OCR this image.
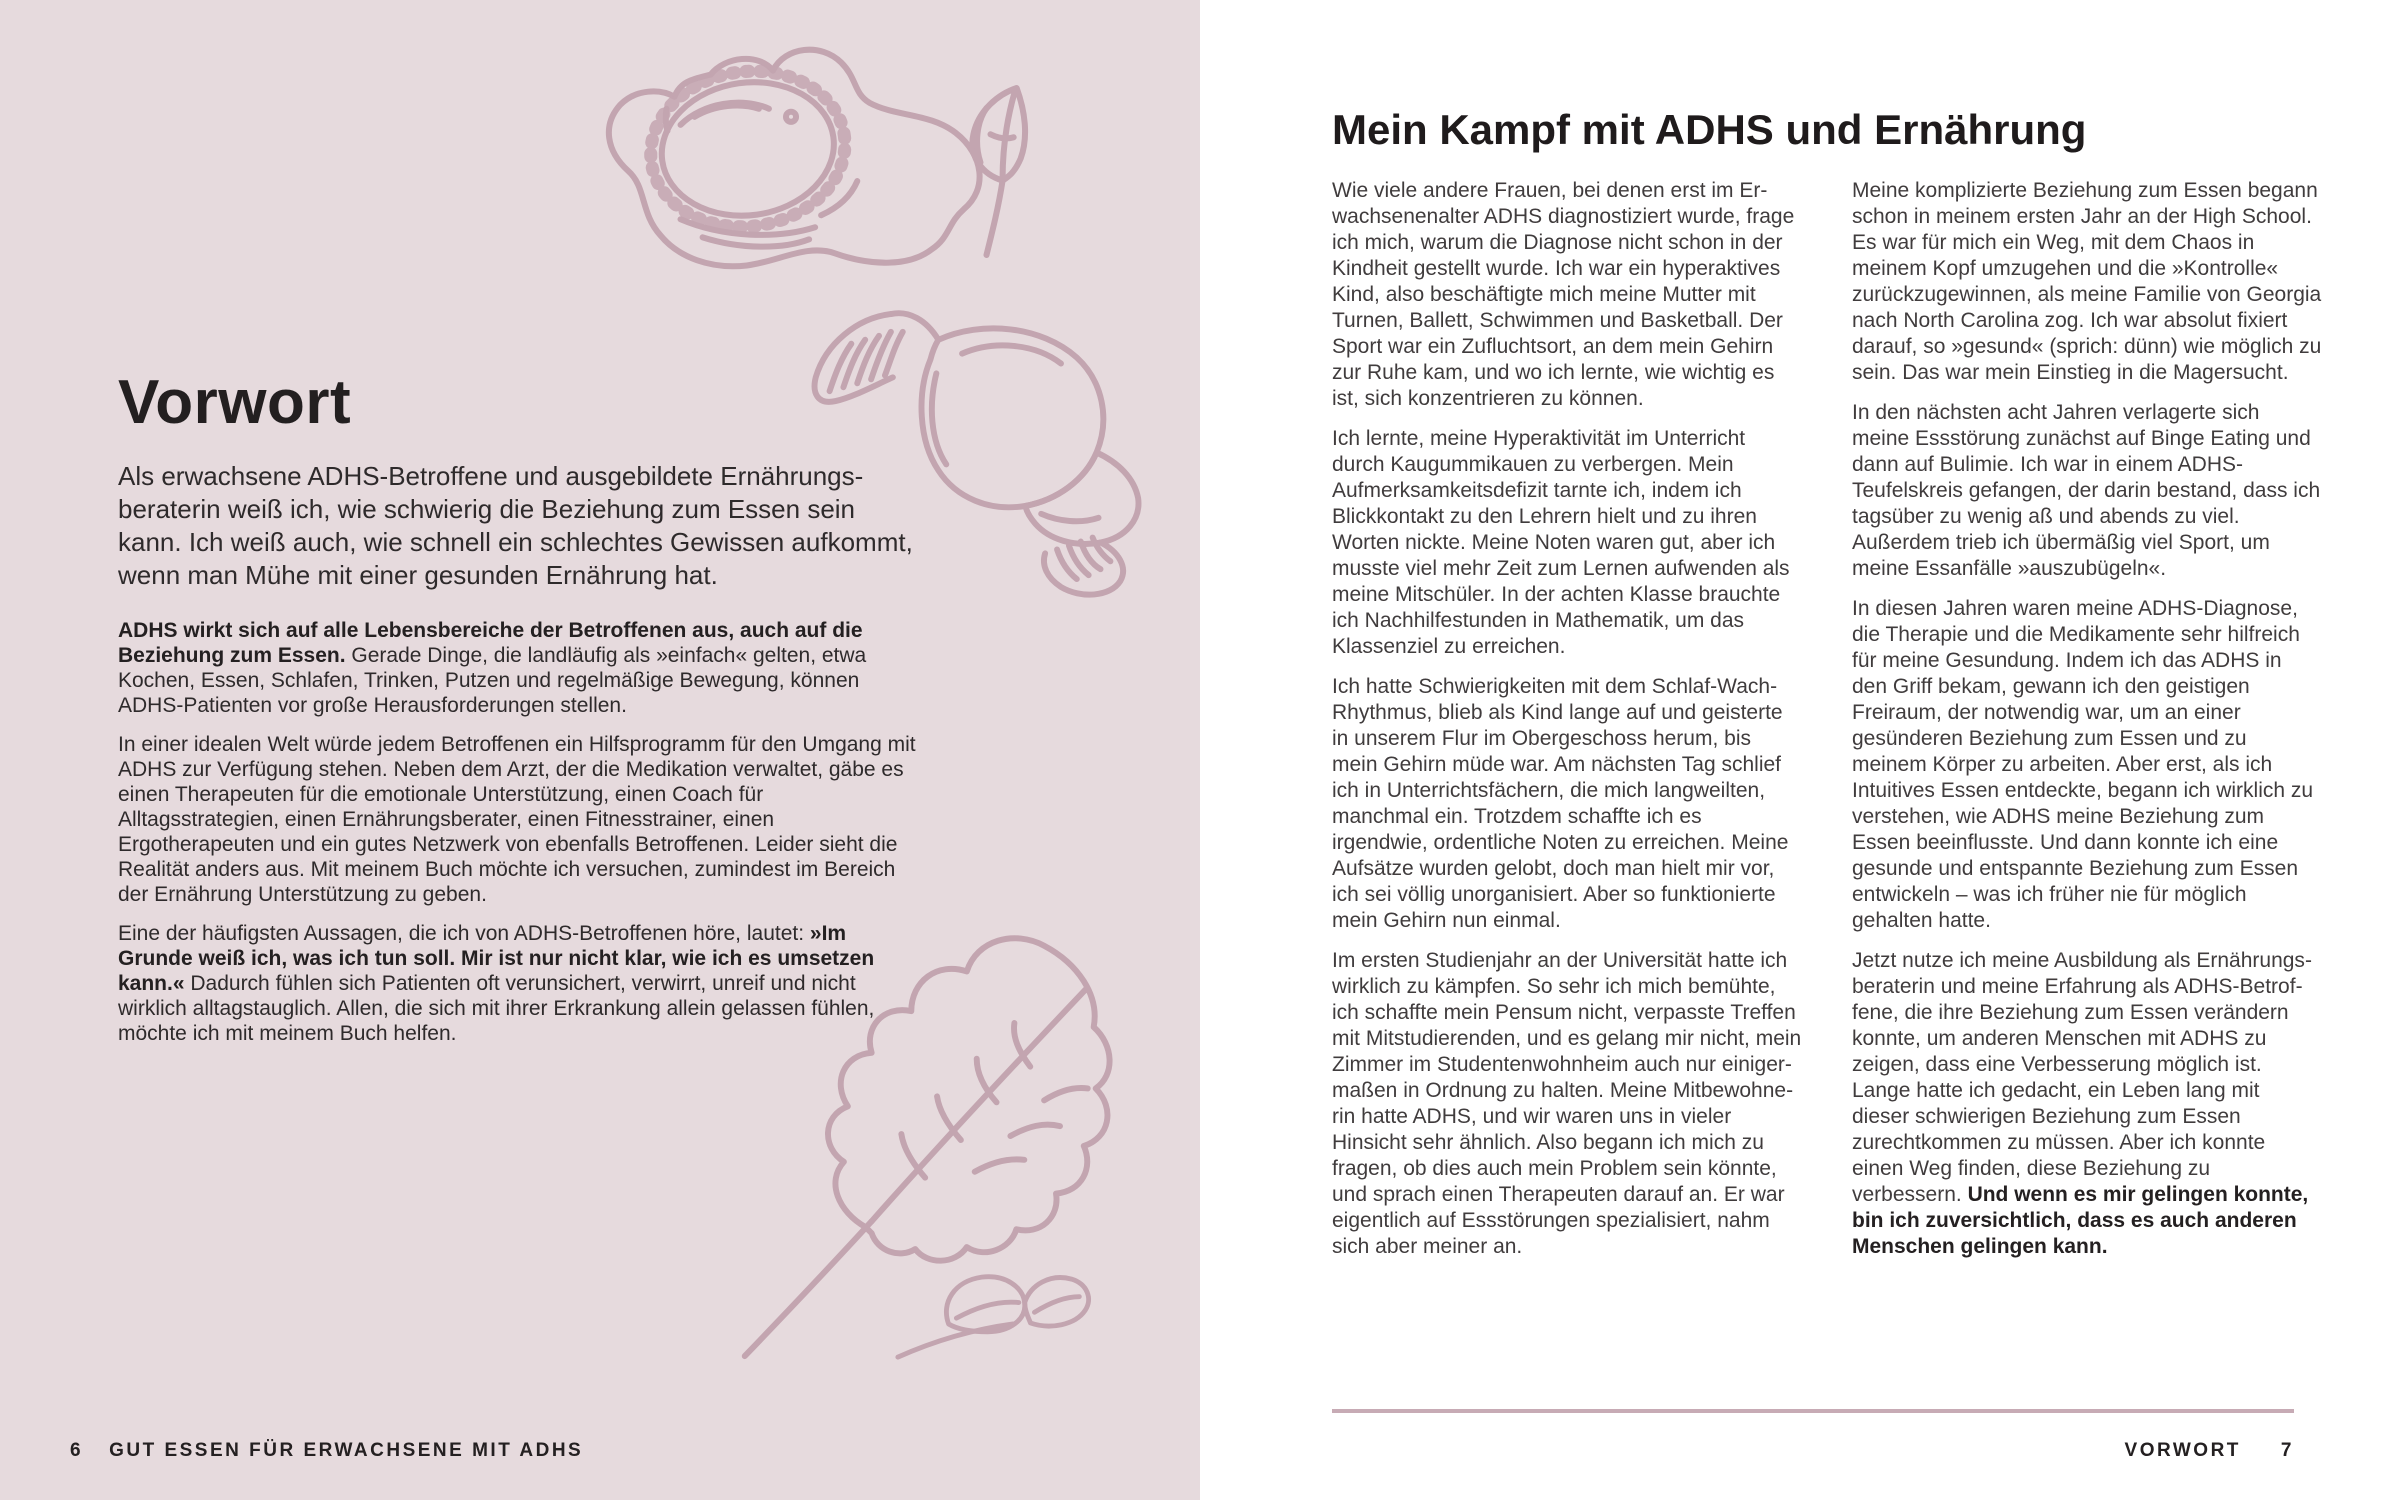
Vorwort

Als erwachsene ADHS-Betroffene und ausgebildete Ernährungsberaterin weiß ich, wie schwierig die Beziehung zum Essen sein kann. Ich weiß auch, wie schnell ein schlechtes Gewissen aufkommt, wenn man Mühe mit einer gesunden Ernährung hat.

ADHS wirkt sich auf alle Lebensbereiche der Betroffenen aus, auch auf die Beziehung zum Essen. Gerade Dinge, die landläufig als »einfach« gelten, etwa Kochen, Essen, Schlafen, Trinken, Putzen und regelmäßige Bewegung, können ADHS-Patienten vor große Herausforderungen stellen.

In einer idealen Welt würde jedem Betroffenen ein Hilfsprogramm für den Umgang mit ADHS zur Verfügung stehen. Neben dem Arzt, der die Medikation verwaltet, gäbe es einen Therapeuten für die emotionale Unterstützung, einen Coach für Alltagsstrategien, einen Ernährungsberater, einen Fitnesstrainer, einen Ergotherapeuten und ein gutes Netzwerk von ebenfalls Betroffenen. Leider sieht die Realität anders aus. Mit meinem Buch möchte ich versuchen, zumindest im Bereich der Ernährung Unterstützung zu geben.

Eine der häufigsten Aussagen, die ich von ADHS-Betroffenen höre, lautet: »Im Grunde weiß ich, was ich tun soll. Mir ist nur nicht klar, wie ich es umsetzen kann.« Dadurch fühlen sich Patienten oft verunsichert, verwirrt, unreif und nicht wirklich alltagstauglich. Allen, die sich mit ihrer Erkrankung allein gelassen fühlen, möchte ich mit meinem Buch helfen.

6 GUT ESSEN FÜR ERWACHSENE MIT ADHS
Mein Kampf mit ADHS und Ernährung

Wie viele andere Frauen, bei denen erst im Erwachsenenalter ADHS diagnostiziert wurde, frage ich mich, warum die Diagnose nicht schon in der Kindheit gestellt wurde. Ich war ein hyperaktives Kind, also beschäftigte mich meine Mutter mit Turnen, Ballett, Schwimmen und Basketball. Der Sport war ein Zufluchtsort, an dem mein Gehirn zur Ruhe kam, und wo ich lernte, wie wichtig es ist, sich konzentrieren zu können.

Ich lernte, meine Hyperaktivität im Unterricht durch Kaugummikauen zu verbergen. Mein Aufmerksamkeitsdefizit tarnte ich, indem ich Blickkontakt zu den Lehrern hielt und zu ihren Worten nickte. Meine Noten waren gut, aber ich musste viel mehr Zeit zum Lernen aufwenden als meine Mitschüler. In der achten Klasse brauchte ich Nachhilfestunden in Mathematik, um das Klassenziel zu erreichen.

Ich hatte Schwierigkeiten mit dem Schlaf-Wach-Rhythmus, blieb als Kind lange auf und geisterte in unserem Flur im Obergeschoss herum, bis mein Gehirn müde war. Am nächsten Tag schlief ich in Unterrichtsfächern, die mich langweilten, manchmal ein. Trotzdem schaffte ich es irgendwie, ordentliche Noten zu erreichen. Meine Aufsätze wurden gelobt, doch man hielt mir vor, ich sei völlig unorganisiert. Aber so funktionierte mein Gehirn nun einmal.

Im ersten Studienjahr an der Universität hatte ich wirklich zu kämpfen. So sehr ich mich bemühte, ich schaffte mein Pensum nicht, verpasste Treffen mit Mitstudierenden, und es gelang mir nicht, mein Zimmer im Studentenwohnheim auch nur einigermaßen in Ordnung zu halten. Meine Mitbewohnerin hatte ADHS, und wir waren uns in vieler Hinsicht sehr ähnlich. Also begann ich mich zu fragen, ob dies auch mein Problem sein könnte, und sprach einen Therapeuten darauf an. Er war eigentlich auf Essstörungen spezialisiert, nahm sich aber meiner an.

Meine komplizierte Beziehung zum Essen begann schon in meinem ersten Jahr an der High School. Es war für mich ein Weg, mit dem Chaos in meinem Kopf umzugehen und die »Kontrolle« zurückzugewinnen, als meine Familie von Georgia nach North Carolina zog. Ich war absolut fixiert darauf, so »gesund« (sprich: dünn) wie möglich zu sein. Das war mein Einstieg in die Magersucht.

In den nächsten acht Jahren verlagerte sich meine Essstörung zunächst auf Binge Eating und dann auf Bulimie. Ich war in einem ADHS-Teufelskreis gefangen, der darin bestand, dass ich tagsüber zu wenig aß und abends zu viel. Außerdem trieb ich übermäßig viel Sport, um meine Essanfälle »auszubügeln«.

In diesen Jahren waren meine ADHS-Diagnose, die Therapie und die Medikamente sehr hilfreich für meine Gesundung. Indem ich das ADHS in den Griff bekam, gewann ich den geistigen Freiraum, der notwendig war, um an einer gesünderen Beziehung zum Essen und zu meinem Körper zu arbeiten. Aber erst, als ich Intuitives Essen entdeckte, begann ich wirklich zu verstehen, wie ADHS meine Beziehung zum Essen beeinflusste. Und dann konnte ich eine gesunde und entspannte Beziehung zum Essen entwickeln – was ich früher nie für möglich gehalten hatte.

Jetzt nutze ich meine Ausbildung als Ernährungsberaterin und meine Erfahrung als ADHS-Betroffene, die ihre Beziehung zum Essen verändern konnte, um anderen Menschen mit ADHS zu zeigen, dass eine Verbesserung möglich ist. Lange hatte ich gedacht, ein Leben lang mit dieser schwierigen Beziehung zum Essen zurechtkommen zu müssen. Aber ich konnte einen Weg finden, diese Beziehung zu verbessern. Und wenn es mir gelingen konnte, bin ich zuversichtlich, dass es auch anderen Menschen gelingen kann.

VORWORT 7
